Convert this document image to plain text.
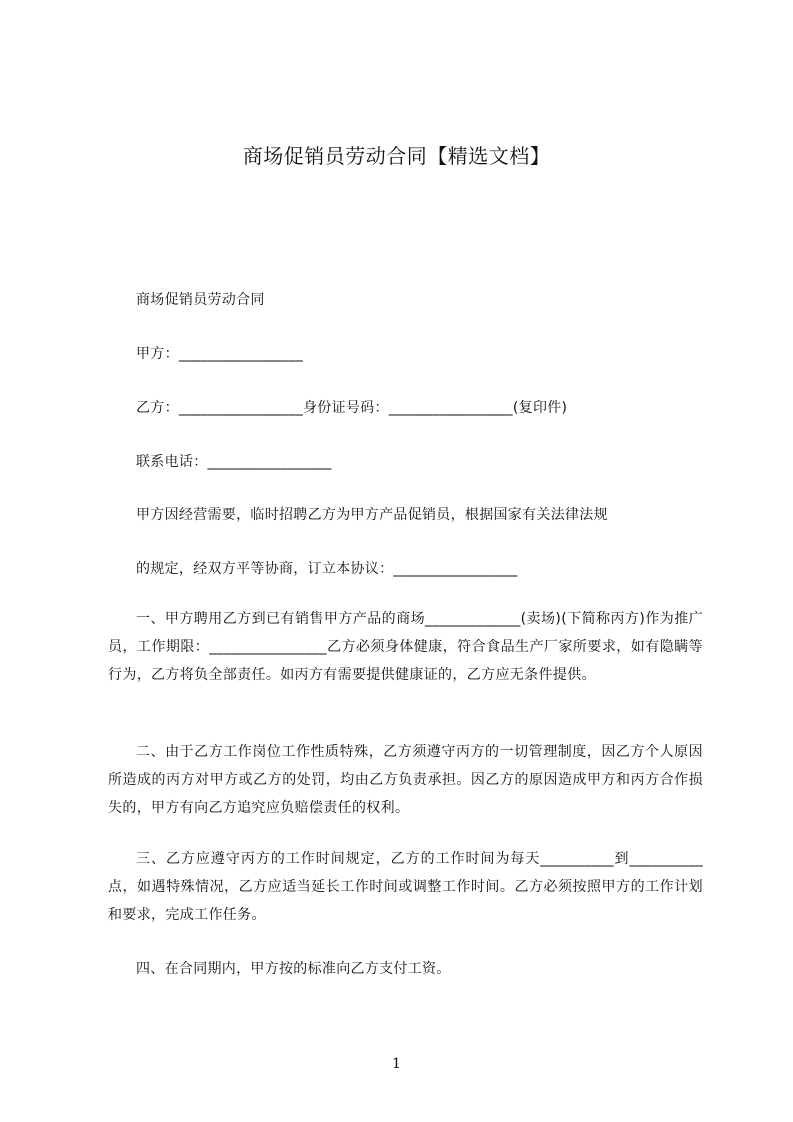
商场促销员劳动合同【精选文档】
商场促销员劳动合同
甲方：_________________
乙方：_________________身份证号码：_________________(复印件)
联系电话：_________________
甲方因经营需要，临时招聘乙方为甲方产品促销员，根据国家有关法律法规
的规定，经双方平等协商，订立本协议：_________________
一、甲方聘用乙方到已有销售甲方产品的商场_____________(卖场)(下简称丙方)作为推广员，工作期限：________________乙方必须身体健康，符合食品生产厂家所要求，如有隐瞒等行为，乙方将负全部责任。如丙方有需要提供健康证的，乙方应无条件提供。
二、由于乙方工作岗位工作性质特殊，乙方须遵守丙方的一切管理制度，因乙方个人原因所造成的丙方对甲方或乙方的处罚，均由乙方负责承担。因乙方的原因造成甲方和丙方合作损失的，甲方有向乙方追究应负赔偿责任的权利。
三、乙方应遵守丙方的工作时间规定，乙方的工作时间为每天__________到__________点，如遇特殊情况，乙方应适当延长工作时间或调整工作时间。乙方必须按照甲方的工作计划和要求，完成工作任务。
四、在合同期内，甲方按的标准向乙方支付工资。
1
